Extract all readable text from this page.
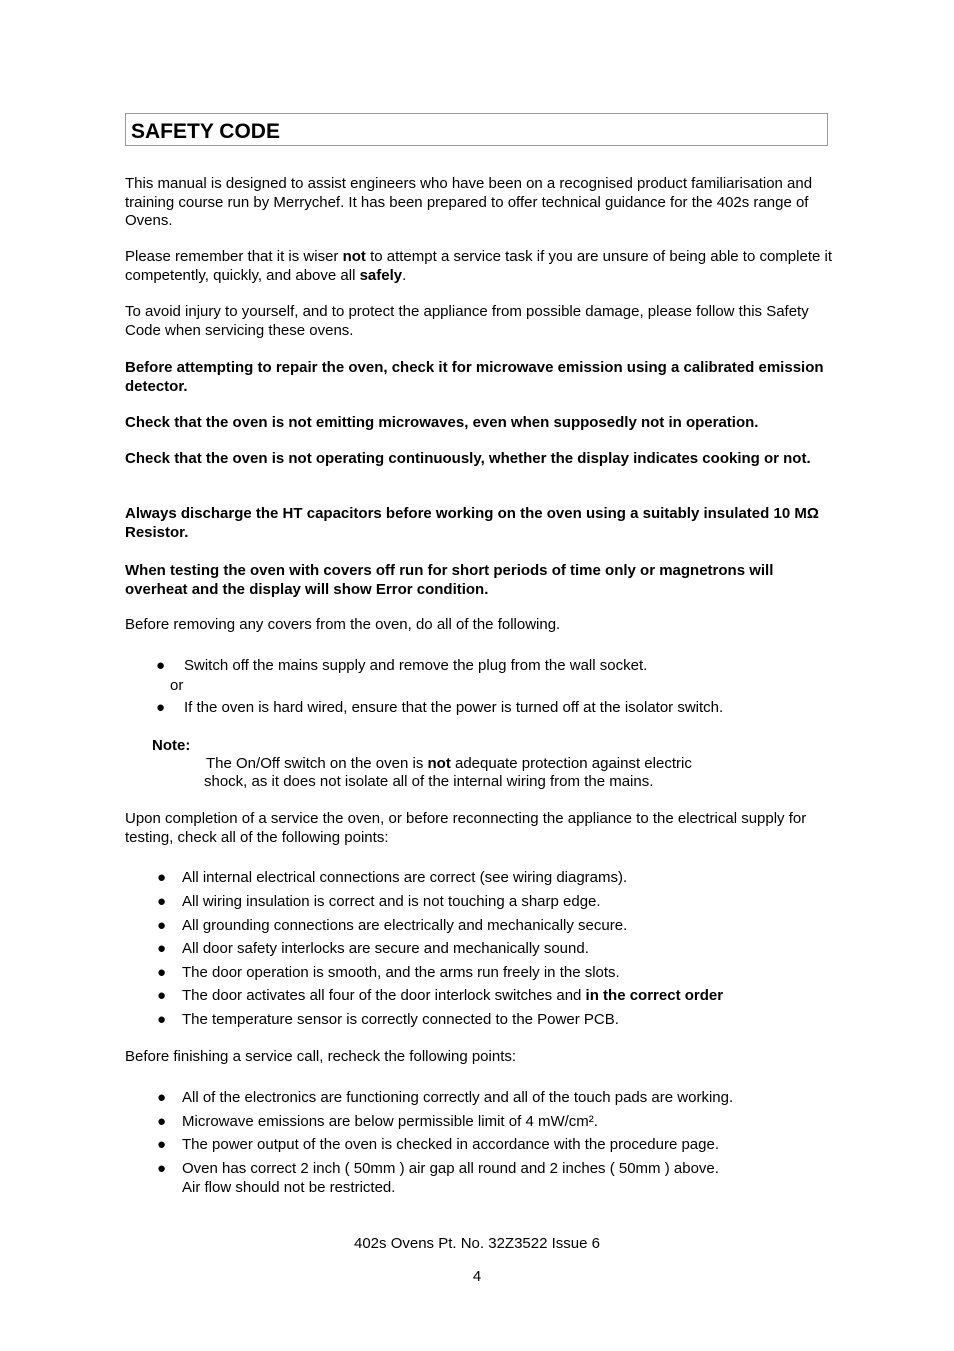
SAFETY CODE

This manual is designed to assist engineers who have been on a recognised product familiarisation and training course run by Merrychef. It has been prepared to offer technical guidance for the 402s range of Ovens.

Please remember that it is wiser not to attempt a service task if you are unsure of being able to complete it competently, quickly, and above all safely.

To avoid injury to yourself, and to protect the appliance from possible damage, please follow this Safety Code when servicing these ovens.

Before attempting to repair the oven, check it for microwave emission using a calibrated emission detector.

Check that the oven is not emitting microwaves, even when supposedly not in operation.

Check that the oven is not operating continuously, whether the display indicates cooking or not.

Always discharge the HT capacitors before working on the oven using a suitably insulated 10 MΩ Resistor.

When testing the oven with covers off run for short periods of time only or magnetrons will overheat and the display will show Error condition.

Before removing any covers from the oven, do all of the following.

● Switch off the mains supply and remove the plug from the wall socket.

or

● If the oven is hard wired, ensure that the power is turned off at the isolator switch.

Note:

The On/Off switch on the oven is not adequate protection against electric

shock, as it does not isolate all of the internal wiring from the mains.

Upon completion of a service the oven, or before reconnecting the appliance to the electrical supply for testing, check all of the following points:

● All internal electrical connections are correct (see wiring diagrams).

● All wiring insulation is correct and is not touching a sharp edge.

● All grounding connections are electrically and mechanically secure.

● All door safety interlocks are secure and mechanically sound.

● The door operation is smooth, and the arms run freely in the slots.

● The door activates all four of the door interlock switches and in the correct order

● The temperature sensor is correctly connected to the Power PCB.

Before finishing a service call, recheck the following points:

● All of the electronics are functioning correctly and all of the touch pads are working.

● Microwave emissions are below permissible limit of 4 mW/cm².

● The power output of the oven is checked in accordance with the procedure page.

● Oven has correct 2 inch ( 50mm ) air gap all round and 2 inches ( 50mm ) above.

Air flow should not be restricted.

402s Ovens Pt. No. 32Z3522 Issue 6
4
